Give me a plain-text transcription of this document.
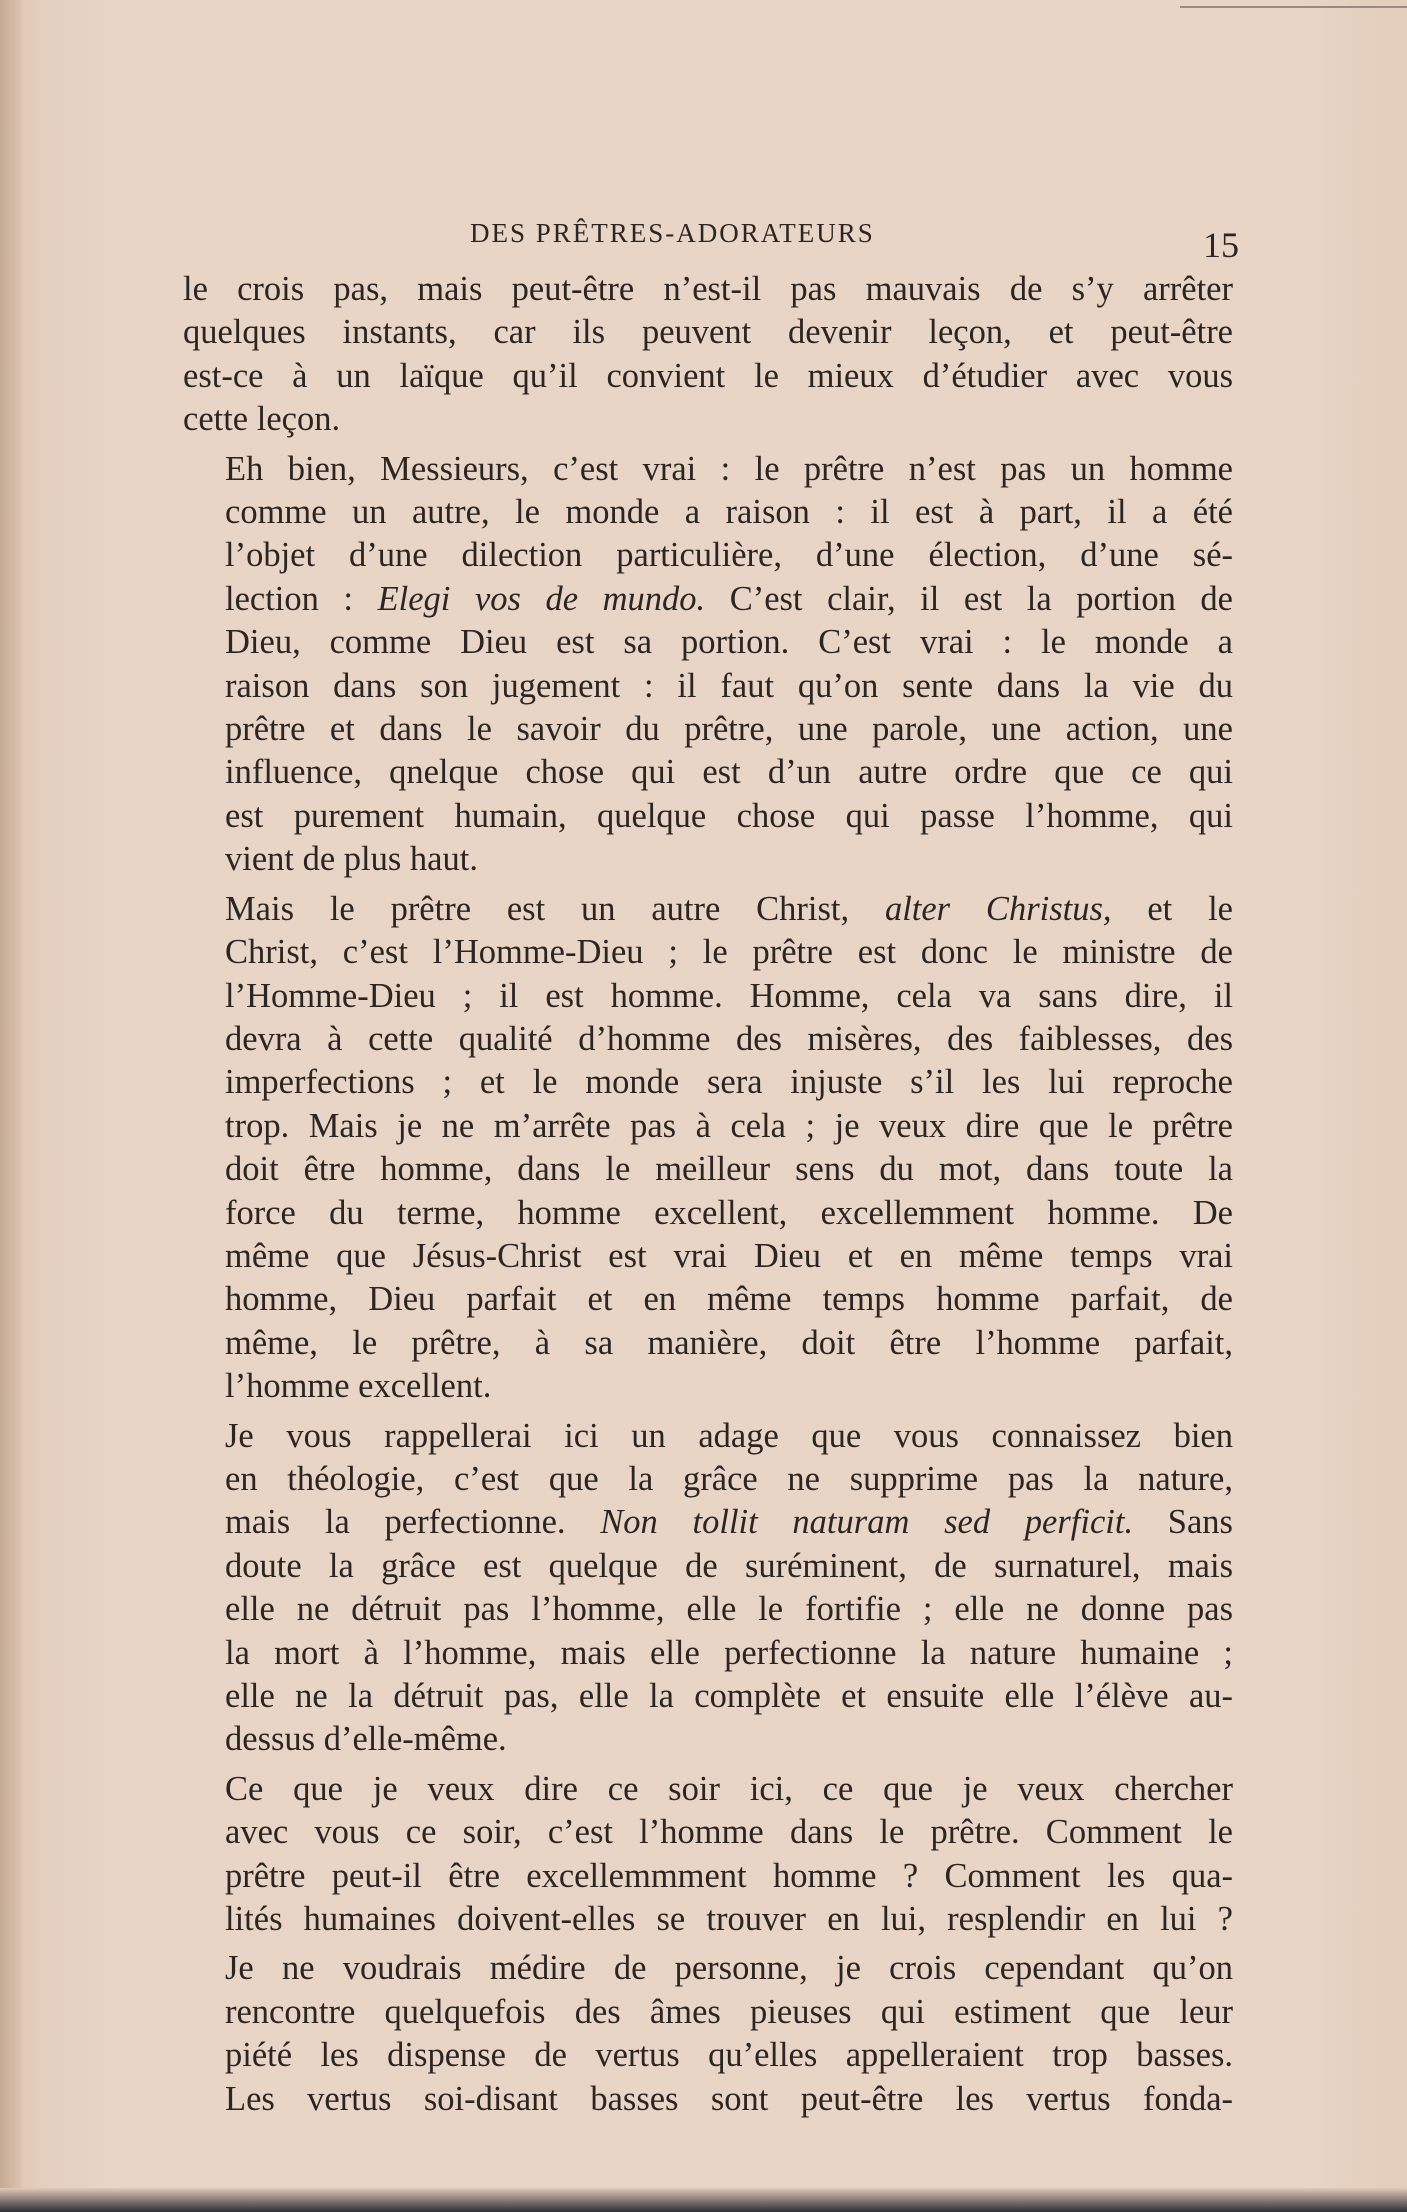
DES PRÊTRES-ADORATEURS	15

le crois pas, mais peut-être n’est-il pas mauvais de s’y arrêter
quelques instants, car ils peuvent devenir leçon, et peut-être
est-ce à un laïque qu’il convient le mieux d’étudier avec vous
cette leçon.

Eh bien, Messieurs, c’est vrai : le prêtre n’est pas un homme
comme un autre, le monde a raison : il est à part, il a été
l’objet d’une dilection particulière, d’une élection, d’une sé-
lection : Elegi vos de mundo. C’est clair, il est la portion de
Dieu, comme Dieu est sa portion. C’est vrai : le monde a
raison dans son jugement : il faut qu’on sente dans la vie du
prêtre et dans le savoir du prêtre, une parole, une action, une
influence, qnelque chose qui est d’un autre ordre que ce qui
est purement humain, quelque chose qui passe l’homme, qui
vient de plus haut.

Mais le prêtre est un autre Christ, alter Christus, et le
Christ, c’est l’Homme-Dieu ; le prêtre est donc le ministre de
l’Homme-Dieu ; il est homme. Homme, cela va sans dire, il
devra à cette qualité d’homme des misères, des faiblesses, des
imperfections ; et le monde sera injuste s’il les lui reproche
trop. Mais je ne m’arrête pas à cela ; je veux dire que le prêtre
doit être homme, dans le meilleur sens du mot, dans toute la
force du terme, homme excellent, excellemment homme. De
même que Jésus-Christ est vrai Dieu et en même temps vrai
homme, Dieu parfait et en même temps homme parfait, de
même, le prêtre, à sa manière, doit être l’homme parfait,
l’homme excellent.

Je vous rappellerai ici un adage que vous connaissez bien
en théologie, c’est que la grâce ne supprime pas la nature,
mais la perfectionne. Non tollit naturam sed perficit. Sans
doute la grâce est quelque de suréminent, de surnaturel, mais
elle ne détruit pas l’homme, elle le fortifie ; elle ne donne pas
la mort à l’homme, mais elle perfectionne la nature humaine ;
elle ne la détruit pas, elle la complète et ensuite elle l’élève au-
dessus d’elle-même.

Ce que je veux dire ce soir ici, ce que je veux chercher
avec vous ce soir, c’est l’homme dans le prêtre. Comment le
prêtre peut-il être excellemmment homme ? Comment les qua-
lités humaines doivent-elles se trouver en lui, resplendir en lui ?

Je ne voudrais médire de personne, je crois cependant qu’on
rencontre quelquefois des âmes pieuses qui estiment que leur
piété les dispense de vertus qu’elles appelleraient trop basses.
Les vertus soi-disant basses sont peut-être les vertus fonda-
